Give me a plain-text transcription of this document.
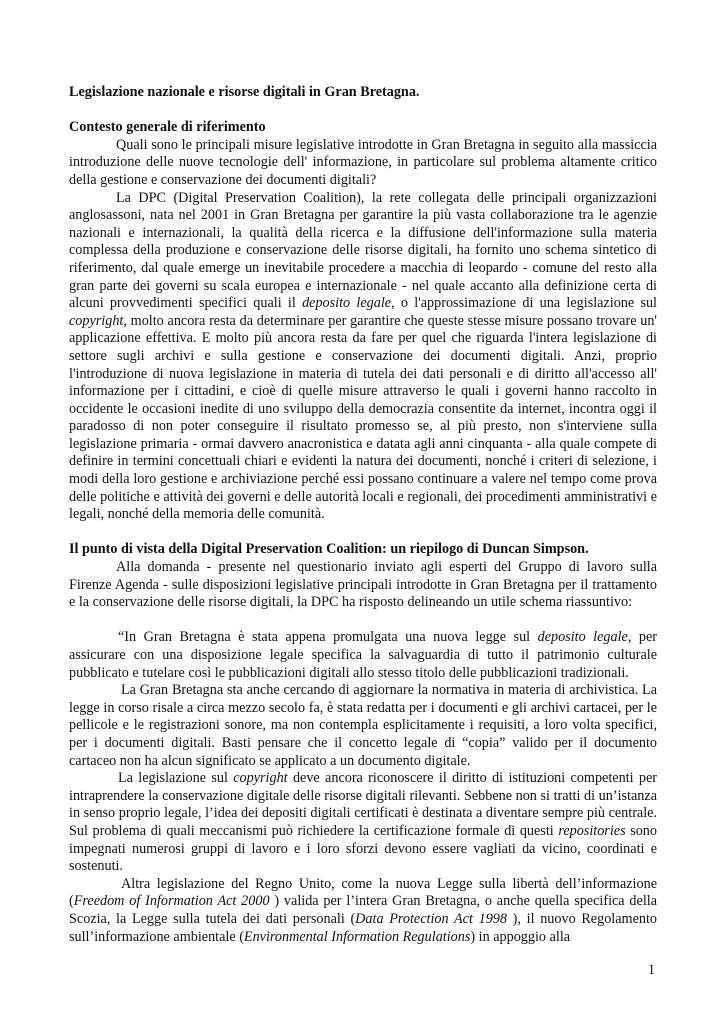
Legislazione nazionale e risorse digitali in Gran Bretagna.
Contesto generale di riferimento

Quali sono le principali misure legislative introdotte in Gran Bretagna in seguito alla massiccia introduzione delle nuove tecnologie dell' informazione, in particolare sul problema altamente critico della gestione e conservazione dei documenti digitali?

La DPC (Digital Preservation Coalition), la rete collegata delle principali organizzazioni anglosassoni, nata nel 2001 in Gran Bretagna per garantire la più vasta collaborazione tra le agenzie nazionali e internazionali, la qualità della ricerca e la diffusione dell'informazione sulla materia complessa della produzione e conservazione delle risorse digitali, ha fornito uno schema sintetico di riferimento, dal quale emerge un inevitabile procedere a macchia di leopardo - comune del resto alla gran parte dei governi su scala europea e internazionale - nel quale accanto alla definizione certa di alcuni provvedimenti specifici quali il deposito legale, o l'approssimazione di una legislazione sul copyright, molto ancora resta da determinare per garantire che queste stesse misure possano trovare un' applicazione effettiva. E molto più ancora resta da fare per quel che riguarda l'intera legislazione di settore sugli archivi e sulla gestione e conservazione dei documenti digitali. Anzi, proprio l'introduzione di nuova legislazione in materia di tutela dei dati personali e di diritto all'accesso all' informazione per i cittadini, e cioè di quelle misure attraverso le quali i governi hanno raccolto in occidente le occasioni inedite di uno sviluppo della democrazia consentite da internet, incontra oggi il paradosso di non poter conseguire il risultato promesso se, al più presto, non s'interviene sulla legislazione primaria - ormai davvero anacronistica e datata agli anni cinquanta - alla quale compete di definire in termini concettuali chiari e evidenti la natura dei documenti, nonché i criteri di selezione, i modi della loro gestione e archiviazione perché essi possano continuare a valere nel tempo come prova delle politiche e attività dei governi e delle autorità locali e regionali, dei procedimenti amministrativi e legali, nonché della memoria delle comunità.

Il punto di vista della Digital Preservation Coalition: un riepilogo di Duncan Simpson.

Alla domanda - presente nel questionario inviato agli esperti del Gruppo di lavoro sulla Firenze Agenda - sulle disposizioni legislative principali introdotte in Gran Bretagna per il trattamento e la conservazione delle risorse digitali, la DPC ha risposto delineando un utile schema riassuntivo:

“In Gran Bretagna è stata appena promulgata una nuova legge sul deposito legale, per assicurare con una disposizione legale specifica la salvaguardia di tutto il patrimonio culturale pubblicato e tutelare così le pubblicazioni digitali allo stesso titolo delle pubblicazioni tradizionali.

La Gran Bretagna sta anche cercando di aggiornare la normativa in materia di archivistica. La legge in corso risale a circa mezzo secolo fa, è stata redatta per i documenti e gli archivi cartacei, per le pellicole e le registrazioni sonore, ma non contempla esplicitamente i requisiti, a loro volta specifici, per i documenti digitali. Basti pensare che il concetto legale di “copia” valido per il documento cartaceo non ha alcun significato se applicato a un documento digitale.

La legislazione sul copyright deve ancora riconoscere il diritto di istituzioni competenti per intraprendere la conservazione digitale delle risorse digitali rilevanti. Sebbene non si tratti di un’istanza in senso proprio legale, l’idea dei depositi digitali certificati è destinata a diventare sempre più centrale. Sul problema di quali meccanismi può richiedere la certificazione formale di questi repositories sono impegnati numerosi gruppi di lavoro e i loro sforzi devono essere vagliati da vicino, coordinati e sostenuti.

Altra legislazione del Regno Unito, come la nuova Legge sulla libertà dell’informazione (Freedom of Information Act 2000 ) valida per l’intera Gran Bretagna, o anche quella specifica della Scozia, la Legge sulla tutela dei dati personali (Data Protection Act 1998 ), il nuovo Regolamento sull’informazione ambientale (Environmental Information Regulations) in appoggio alla

1
